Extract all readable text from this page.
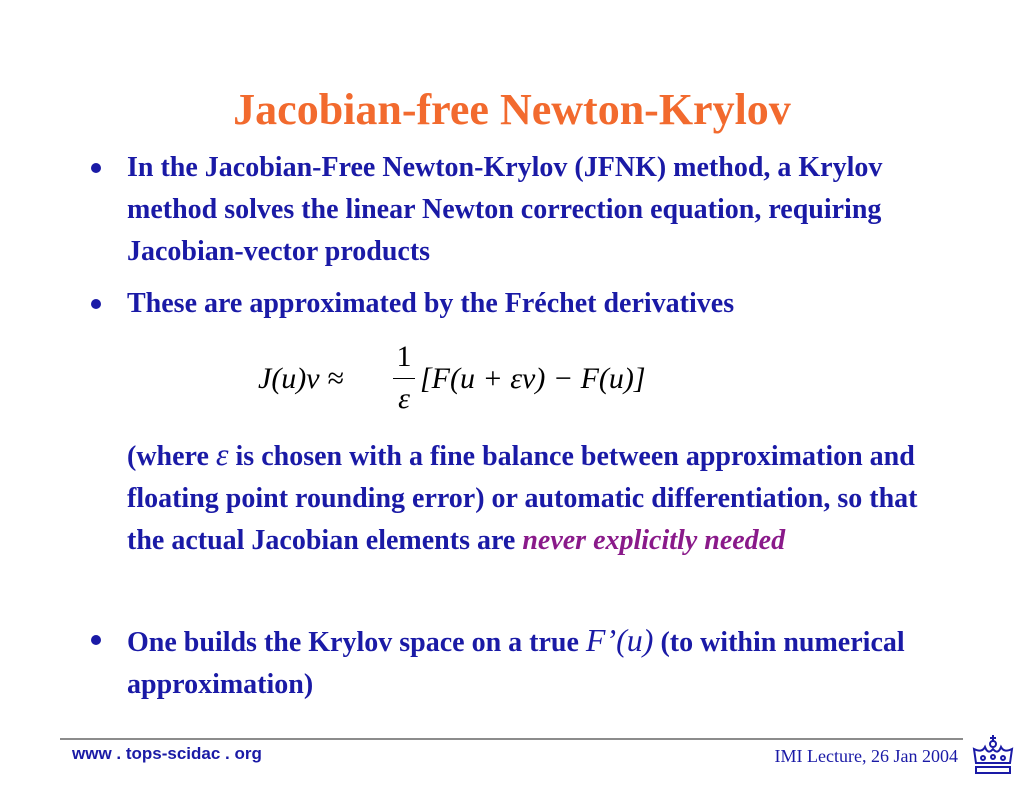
Jacobian-free Newton-Krylov
In the Jacobian-Free Newton-Krylov (JFNK) method, a Krylov method solves the linear Newton correction equation, requiring Jacobian-vector products
These are approximated by the Fréchet derivatives
J(u)v ≈
1
ε
[F(u + εv) − F(u)]
(where ε is chosen with a fine balance between approximation and floating point rounding error) or automatic differentiation, so that the actual Jacobian elements are never explicitly needed
One builds the Krylov space on a true F’(u) (to within numerical approximation)
www . tops-scidac . org	IMI Lecture, 26 Jan 2004
